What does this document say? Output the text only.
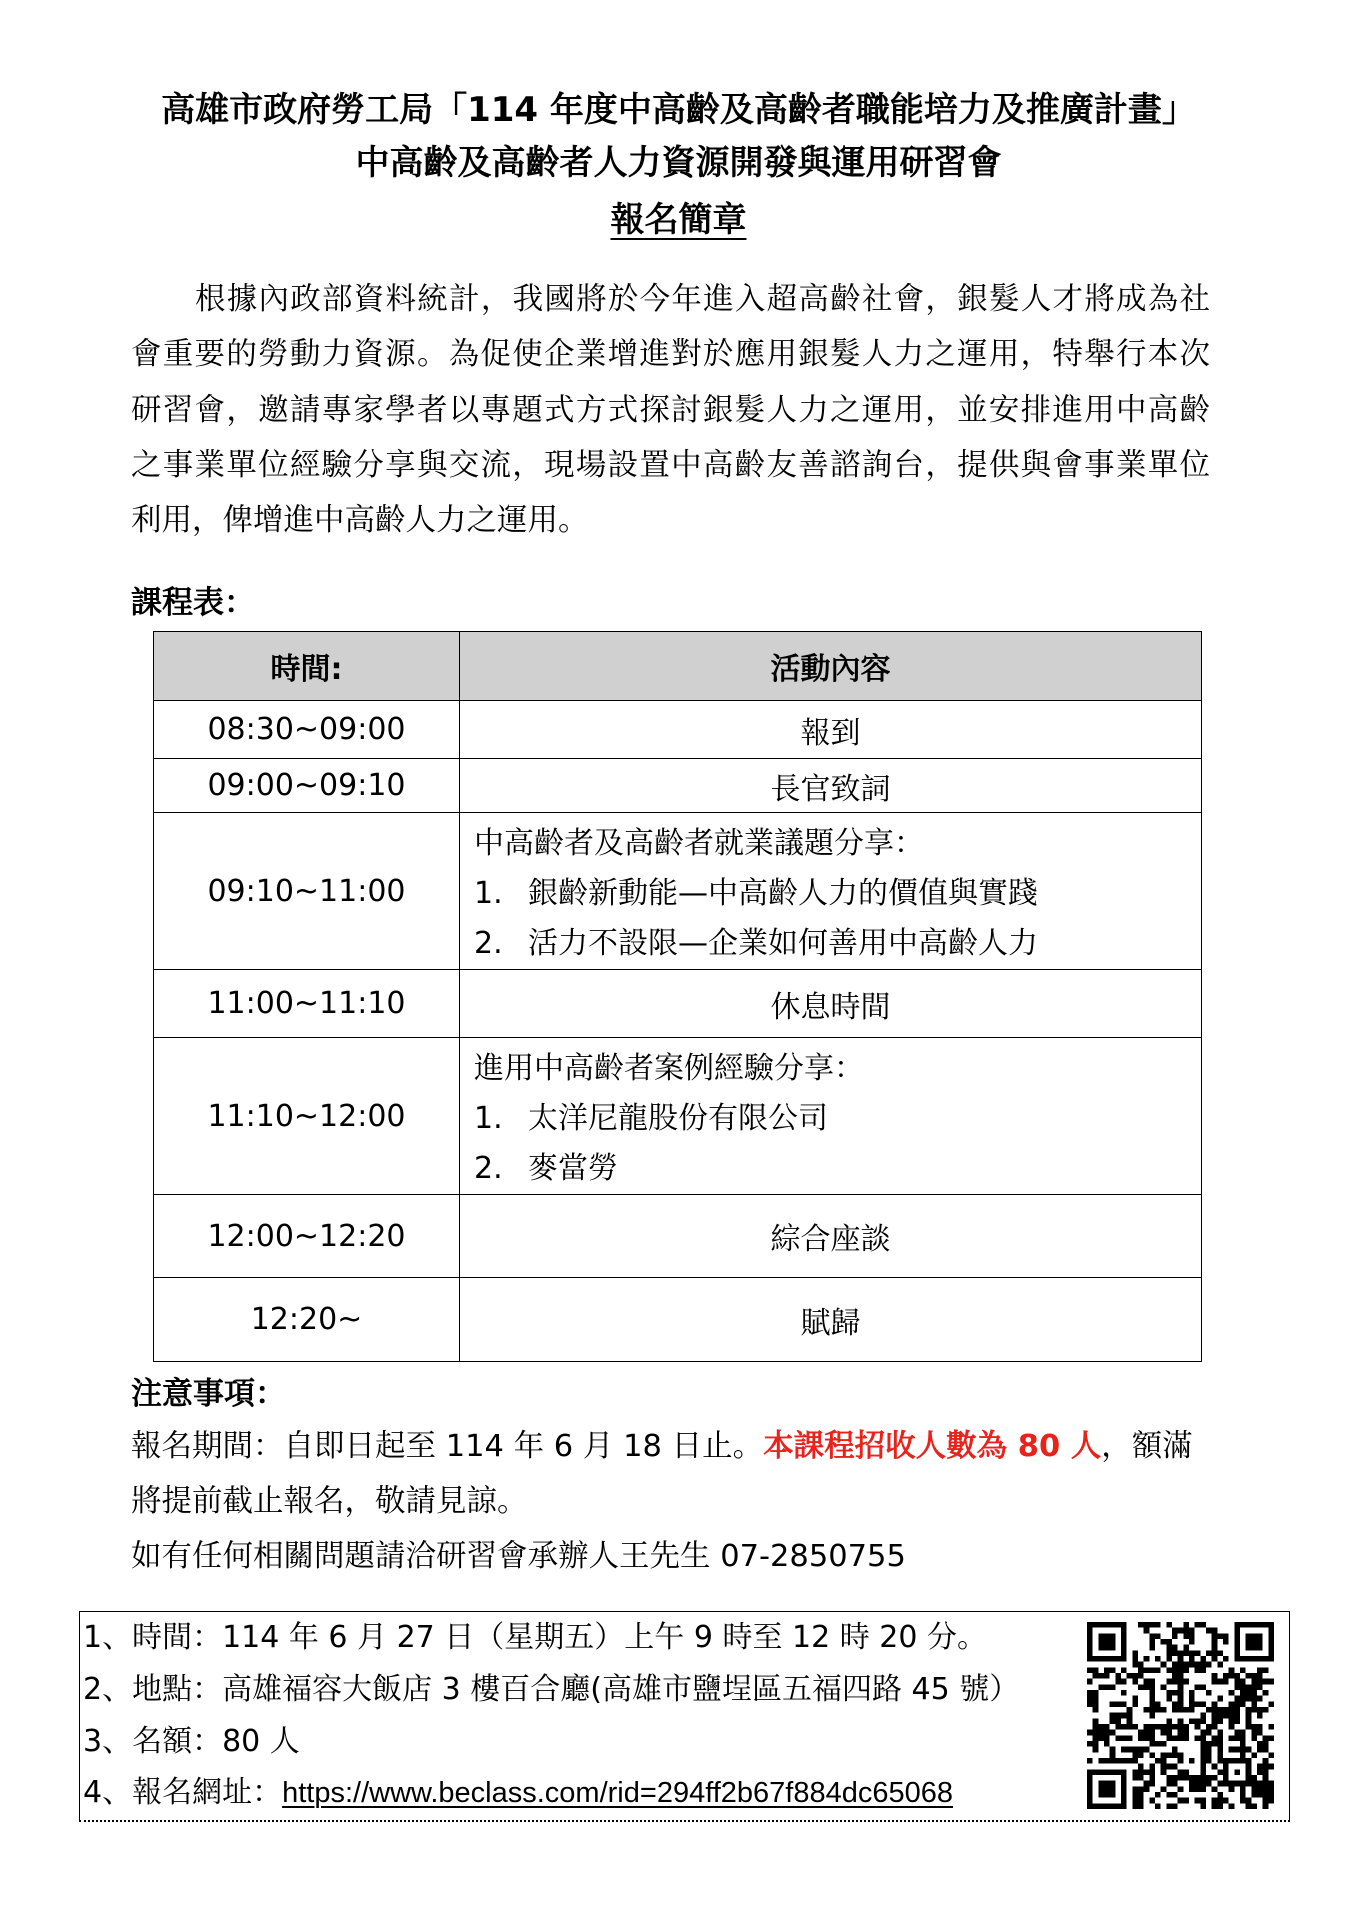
高雄市政府勞工局「114 年度中高齡及高齡者職能培力及推廣計畫」
中高齡及高齡者人力資源開發與運用研習會
報名簡章
根據內政部資料統計，我國將於今年進入超高齡社會，銀髮人才將成為社
會重要的勞動力資源。為促使企業增進對於應用銀髮人力之運用，特舉行本次
研習會，邀請專家學者以專題式方式探討銀髮人力之運用，並安排進用中高齡
之事業單位經驗分享與交流，現場設置中高齡友善諮詢台，提供與會事業單位
利用，俾增進中高齡人力之運用。
課程表：
時間:	活動內容
08:30~09:00	報到
09:00~09:10	長官致詞
09:10~11:00	中高齡者及高齡者就業議題分享：
1. 銀齡新動能—中高齡人力的價值與實踐
2. 活力不設限—企業如何善用中高齡人力

11:00~11:10	休息時間
11:10~12:00	進用中高齡者案例經驗分享：
1. 太洋尼龍股份有限公司
2. 麥當勞

12:00~12:20	綜合座談
12:20~	賦歸
注意事項：
報名期間：自即日起至 114 年 6 月 18 日止。本課程招收人數為 80 人，額滿
將提前截止報名，敬請見諒。
如有任何相關問題請洽研習會承辦人王先生 07-2850755
1、時間：114 年 6 月 27 日（星期五）上午 9 時至 12 時 20 分。
2、地點：高雄福容大飯店 3 樓百合廳(高雄市鹽埕區五福四路 45 號）
3、名額：80 人
4、報名網址：https://www.beclass.com/rid=294ff2b67f884dc65068
